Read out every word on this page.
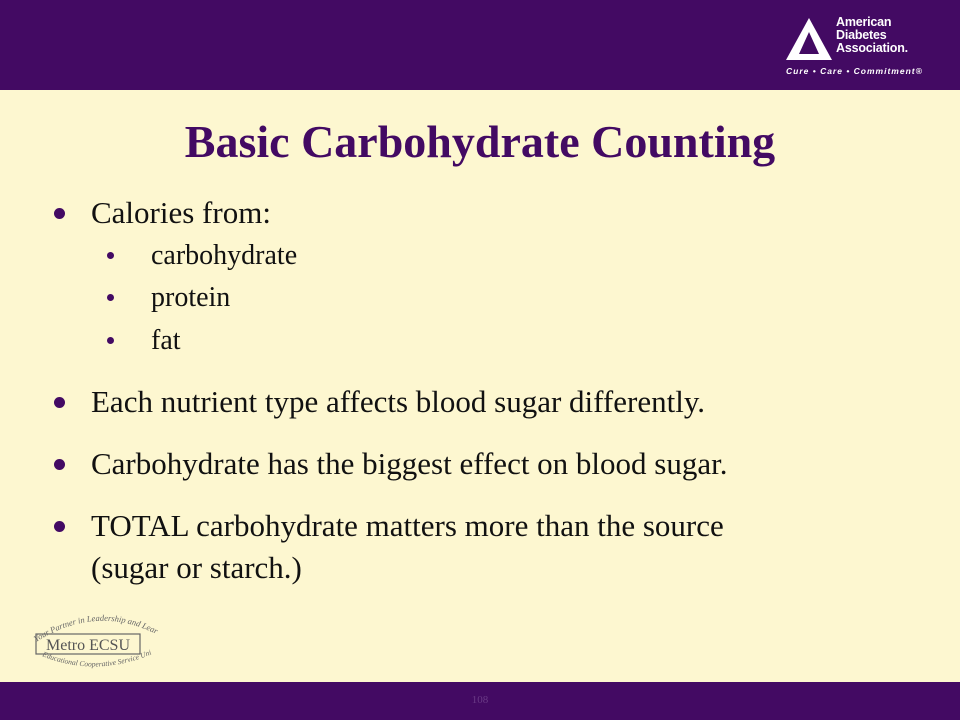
American
Diabetes
Association.
Cure • Care • Commitment®
Basic Carbohydrate Counting
Calories from:
carbohydrate
protein
fat
Each nutrient type affects blood sugar differently.
Carbohydrate has the biggest effect on blood sugar.
TOTAL carbohydrate matters more than the source
(sugar or starch.)
Your Partner in Leadership and Lear
Metro ECSU
Educational Cooperative Service Uni
108
